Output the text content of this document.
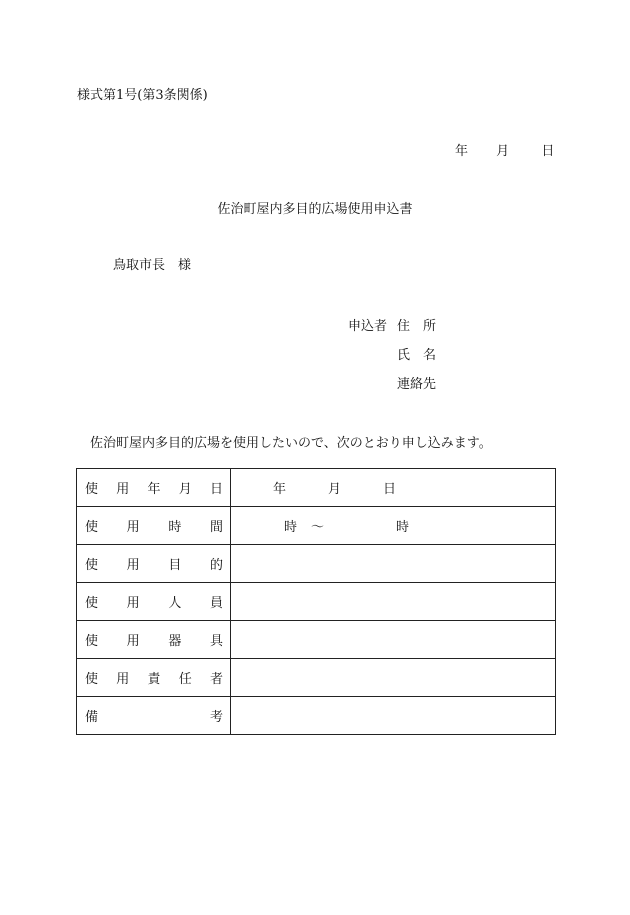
様式第1号(第3条関係)
年 月 日
佐治町屋内多目的広場使用申込書
鳥取市長　様
申込者 住　所
氏　名
連絡先
佐治町屋内多目的広場を使用したいので、次のとおり申し込みます。
使 用 年 月 日	年 月 日

使 用 時 間	時 〜 時

使 用 目 的	

使 用 人 員	

使 用 器 具	

使 用 責 任 者	

備 考	
